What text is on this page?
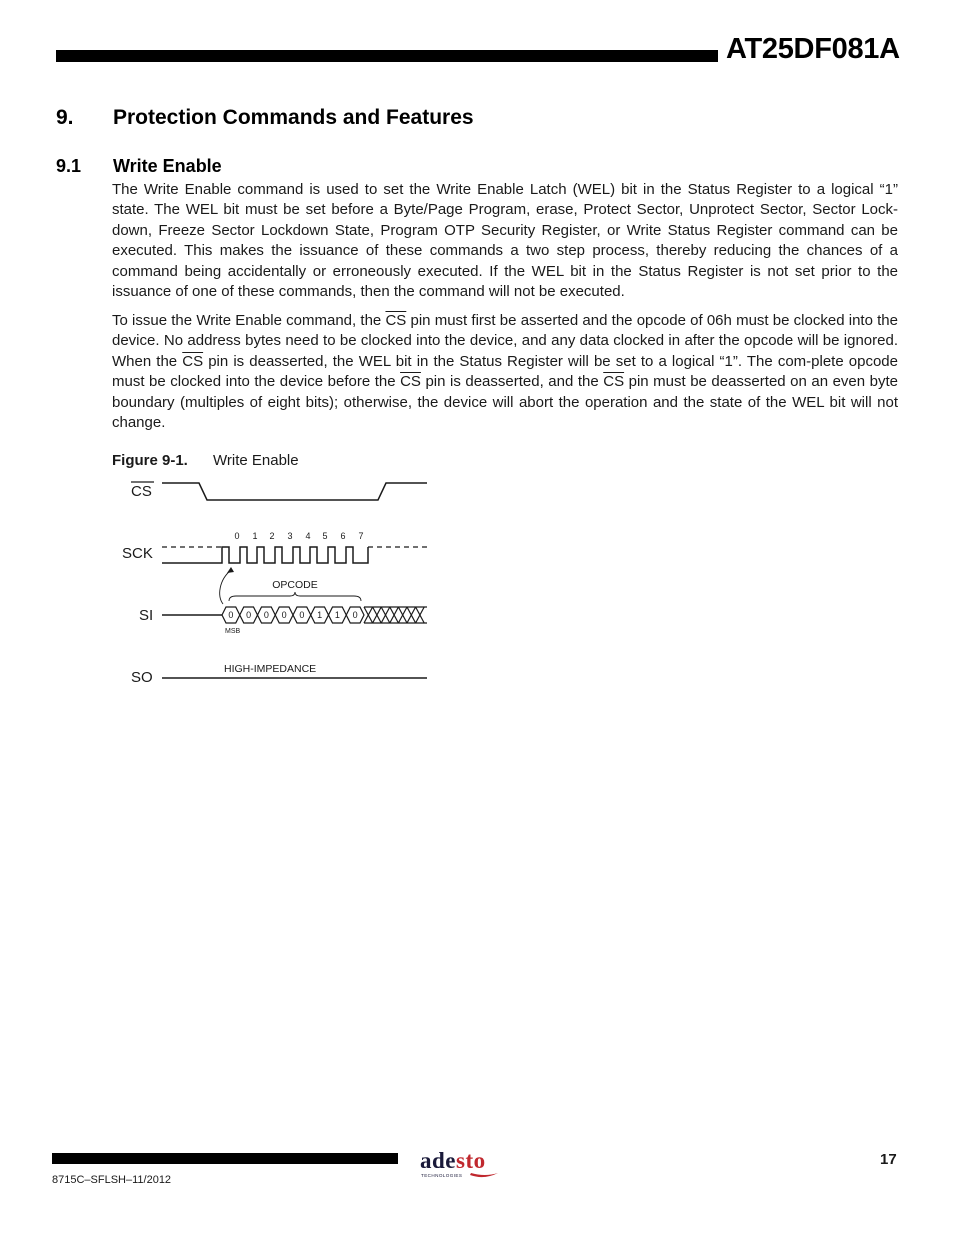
AT25DF081A
9. Protection Commands and Features
9.1 Write Enable

The Write Enable command is used to set the Write Enable Latch (WEL) bit in the Status Register to a logical “1” state. The WEL bit must be set before a Byte/Page Program, erase, Protect Sector, Unprotect Sector, Sector Lock-down, Freeze Sector Lockdown State, Program OTP Security Register, or Write Status Register command can be executed. This makes the issuance of these commands a two step process, thereby reducing the chances of a command being accidentally or erroneously executed. If the WEL bit in the Status Register is not set prior to the issuance of one of these commands, then the command will not be executed.

To issue the Write Enable command, the $\overline{CS}$ pin must first be asserted and the opcode of 06h must be clocked into the device. No address bytes need to be clocked into the device, and any data clocked in after the opcode will be ignored. When the $\overline{CS}$ pin is deasserted, the WEL bit in the Status Register will be set to a logical “1”. The com-plete opcode must be clocked into the device before the $\overline{CS}$ pin is deasserted, and the $\overline{CS}$ pin must be deasserted on an even byte boundary (multiples of eight bits); otherwise, the device will abort the operation and the state of the WEL bit will not change.

Figure 9-1. Write Enable
CS
SCK
SI
SO
0 1 2 3 4 5 6 7
OPCODE
0 0 0 0 0 1 1 0
MSB
HIGH-IMPEDANCE
adesto
TECHNOLOGIES
17
8715C–SFLSH–11/2012
